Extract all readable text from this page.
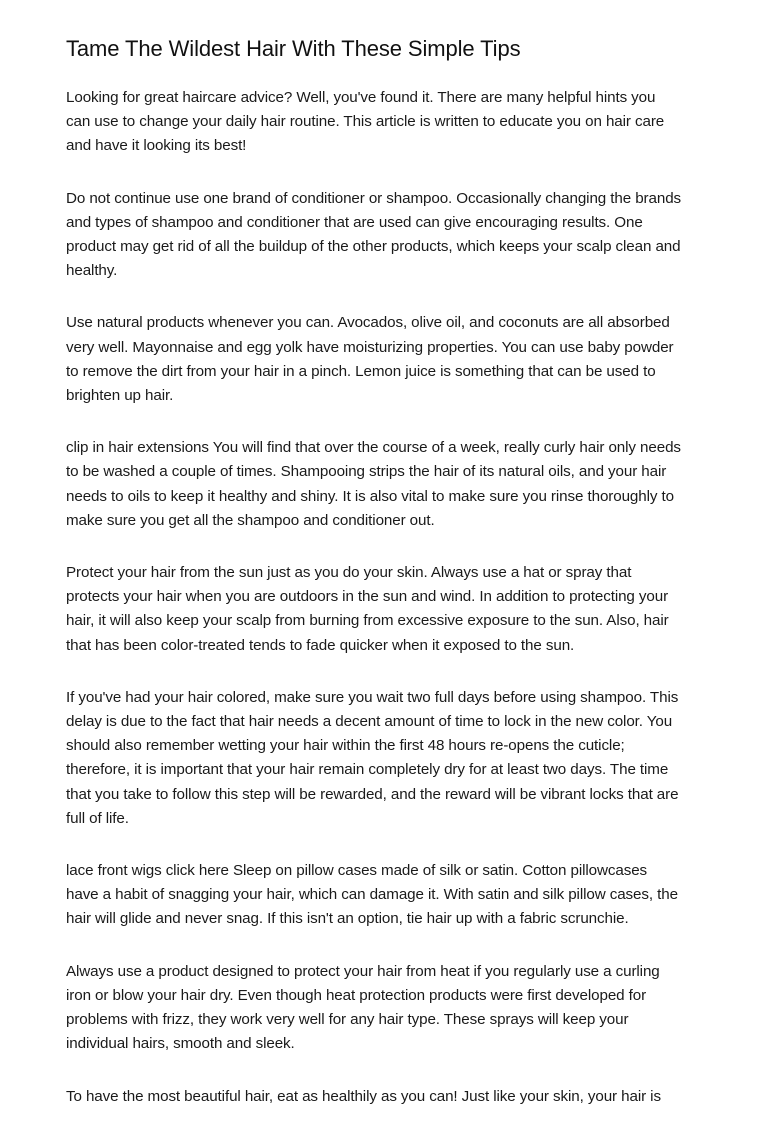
Tame The Wildest Hair With These Simple Tips

Looking for great haircare advice? Well, you've found it. There are many helpful hints you
can use to change your daily hair routine. This article is written to educate you on hair care
and have it looking its best!

Do not continue use one brand of conditioner or shampoo. Occasionally changing the brands
and types of shampoo and conditioner that are used can give encouraging results. One
product may get rid of all the buildup of the other products, which keeps your scalp clean and
healthy.

Use natural products whenever you can. Avocados, olive oil, and coconuts are all absorbed
very well. Mayonnaise and egg yolk have moisturizing properties. You can use baby powder
to remove the dirt from your hair in a pinch. Lemon juice is something that can be used to
brighten up hair.

clip in hair extensions You will find that over the course of a week, really curly hair only needs
to be washed a couple of times. Shampooing strips the hair of its natural oils, and your hair
needs to oils to keep it healthy and shiny. It is also vital to make sure you rinse thoroughly to
make sure you get all the shampoo and conditioner out.

Protect your hair from the sun just as you do your skin. Always use a hat or spray that
protects your hair when you are outdoors in the sun and wind. In addition to protecting your
hair, it will also keep your scalp from burning from excessive exposure to the sun. Also, hair
that has been color-treated tends to fade quicker when it exposed to the sun.

If you've had your hair colored, make sure you wait two full days before using shampoo. This
delay is due to the fact that hair needs a decent amount of time to lock in the new color. You
should also remember wetting your hair within the first 48 hours re-opens the cuticle;
therefore, it is important that your hair remain completely dry for at least two days. The time
that you take to follow this step will be rewarded, and the reward will be vibrant locks that are
full of life.

lace front wigs click here Sleep on pillow cases made of silk or satin. Cotton pillowcases
have a habit of snagging your hair, which can damage it. With satin and silk pillow cases, the
hair will glide and never snag. If this isn't an option, tie hair up with a fabric scrunchie.

Always use a product designed to protect your hair from heat if you regularly use a curling
iron or blow your hair dry. Even though heat protection products were first developed for
problems with frizz, they work very well for any hair type. These sprays will keep your
individual hairs, smooth and sleek.

To have the most beautiful hair, eat as healthily as you can! Just like your skin, your hair is
